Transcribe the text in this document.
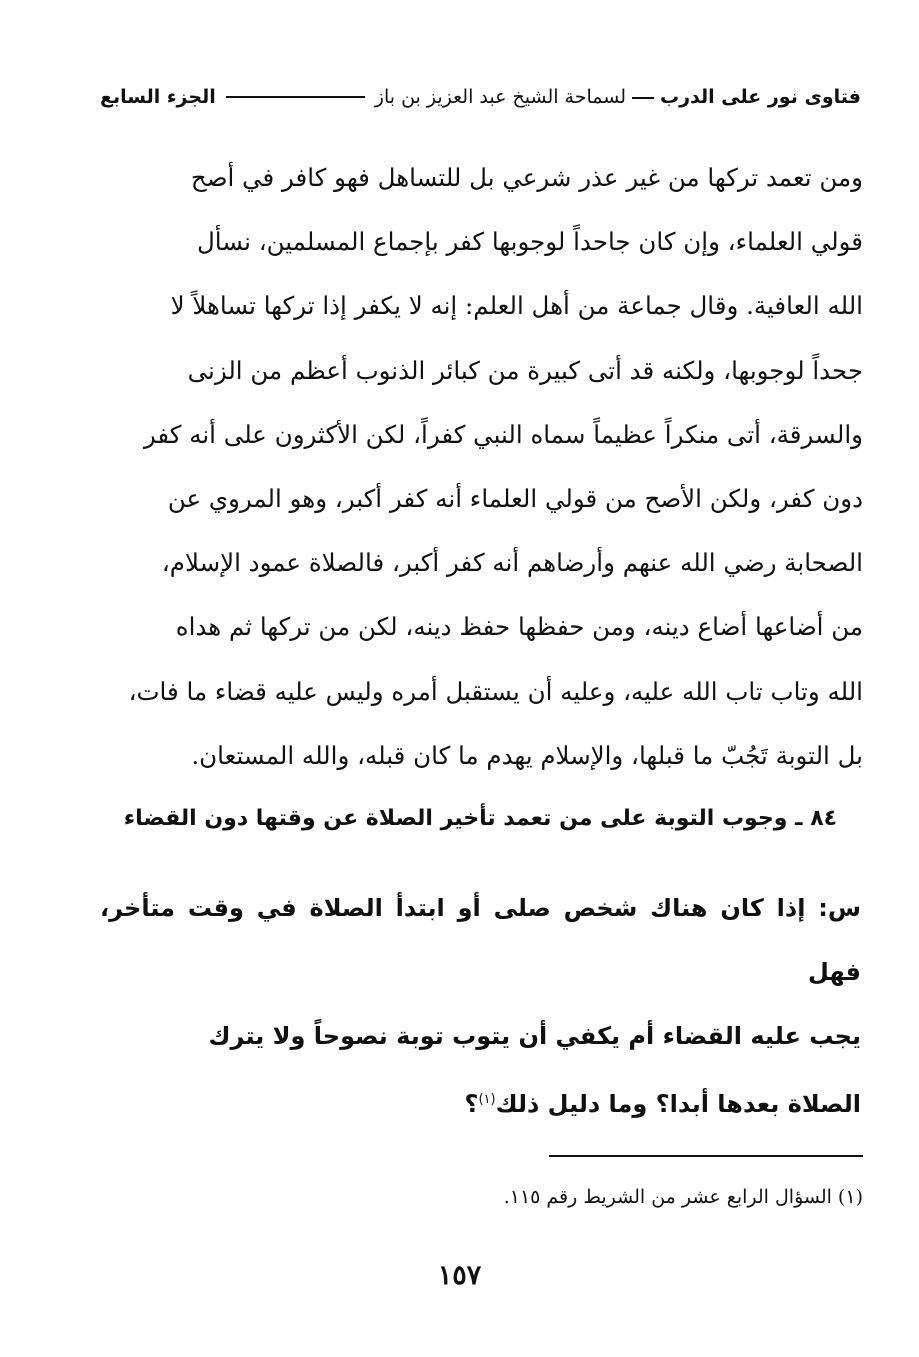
فتاوى نور على الدربلسماحة الشيخ عبد العزيز بن باز
الجزء السابع

ومن تعمد تركها من غير عذر شرعي بل للتساهل فهو كافر في أصح

قولي العلماء، وإن كان جاحداً لوجوبها كفر بإجماع المسلمين، نسأل

الله العافية. وقال جماعة من أهل العلم: إنه لا يكفر إذا تركها تساهلاً لا

جحداً لوجوبها، ولكنه قد أتى كبيرة من كبائر الذنوب أعظم من الزنى

والسرقة، أتى منكراً عظيماً سماه النبي كفراً، لكن الأكثرون على أنه كفر

دون كفر، ولكن الأصح من قولي العلماء أنه كفر أكبر، وهو المروي عن

الصحابة رضي الله عنهم وأرضاهم أنه كفر أكبر، فالصلاة عمود الإسلام،

من أضاعها أضاع دينه، ومن حفظها حفظ دينه، لكن من تركها ثم هداه

الله وتاب تاب الله عليه، وعليه أن يستقبل أمره وليس عليه قضاء ما فات،

بل التوبة تَجُبّ ما قبلها، والإسلام يهدم ما كان قبله، والله المستعان.

٨٤ ـ وجوب التوبة على من تعمد تأخير الصلاة عن وقتها دون القضاء

س: إذا كان هناك شخص صلى أو ابتدأ الصلاة في وقت متأخر، فهل

يجب عليه القضاء أم يكفي أن يتوب توبة نصوحاً ولا يترك

الصلاة بعدها أبدا؟ وما دليل ذلك$^{(١)}$؟

(١) السؤال الرابع عشر من الشريط رقم ١١٥.
١٥٧
